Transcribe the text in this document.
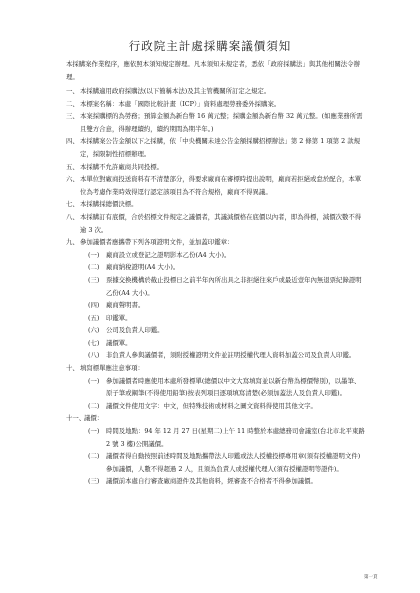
行政院主計處採購案議價須知
本採購案作業程序，應依照本須知規定辦理。凡本須知未規定者，悉依「政府採購法」與其他相關法令辦理。
一、 本採購適用政府採購法(以下簡稱本法)及其主管機關所訂定之規定。
二、 本標案名稱：本處「國際比較計畫（ICP）」資料處理勞務委外採購案。
三、 本案採購標的為勞務；預算金額為新台幣 16 萬元整；採購金額為新台幣 32 萬元整。(如應業務所需且雙方合意，得辦理續約，續約期間為期半年。)
四、 本採購案公告金額以下之採購，依「中央機關未達公告金額採購招標辦法」第 2 條第 1 項第 2 款規定，採限制性招標辦理。
五、 本採購不允許廠商共同投標。
六、 本單位對廠商投送資料有不清楚部分，得要求廠商在審標時提出說明，廠商若拒絕或怠於配合，本單位為考慮作業時效得逕行認定該項目為不符合規格，廠商不得異議。
七、 本採購採總價決標。
八、 本採購訂有底價，合於招標文件規定之議價者，其議減價格在底價以內者，即為得標，減價次數不得逾 3 次。
九、 參加議價者應攜帶下列各項證明文件，並加蓋印鑑章：
(一) 廠商設立或登記之證明影本乙份(A4 大小)。
(二) 廠商納稅證明(A4 大小)。
(三) 票據交換機構於截止投標日之前半年內所出具之非拒絕往來戶或最近壹年內無退票紀錄證明乙份(A4 大小)。
(四) 廠商聲明書。
(五) 印鑑單。
(六) 公司及負責人印鑑。
(七) 議價單。
(八) 非負責人參與議價者，須附授權證明文件並註明授權代理人資料加蓋公司及負責人印鑑。
十、 填寫標單應注意事項：
(一) 參加議價者時應使用本處所發標單(總價以中文大寫填寫並以新台幣為標價幣別)，以墨筆、原子筆或鋼筆(不得使用鉛筆)按表列項目逐項填寫清楚(必須加蓋法人及負責人印鑑)。
(二) 議價文件使用文字：中文，但特殊技術或材料之圖文資料得使用其他文字。
十一、
議價：
(一) 時間及地點：94 年 12 月 27 日(星期二)上午 11 時整於本處總務司會議室(台北市北平東路 2 號 3 樓)公開議價。
(二) 議價者得自動按照前述時間及地點攜帶法人印鑑或法人授權投標專用章(須有授權證明文件)參加議價，人數不得超過 2 人，且須為負責人或授權代理人(須有授權證明等證件)。
(三) 議價前本處自行審查廠商證件及其他資料，經審查不合格者不得參加議價。
第一頁
